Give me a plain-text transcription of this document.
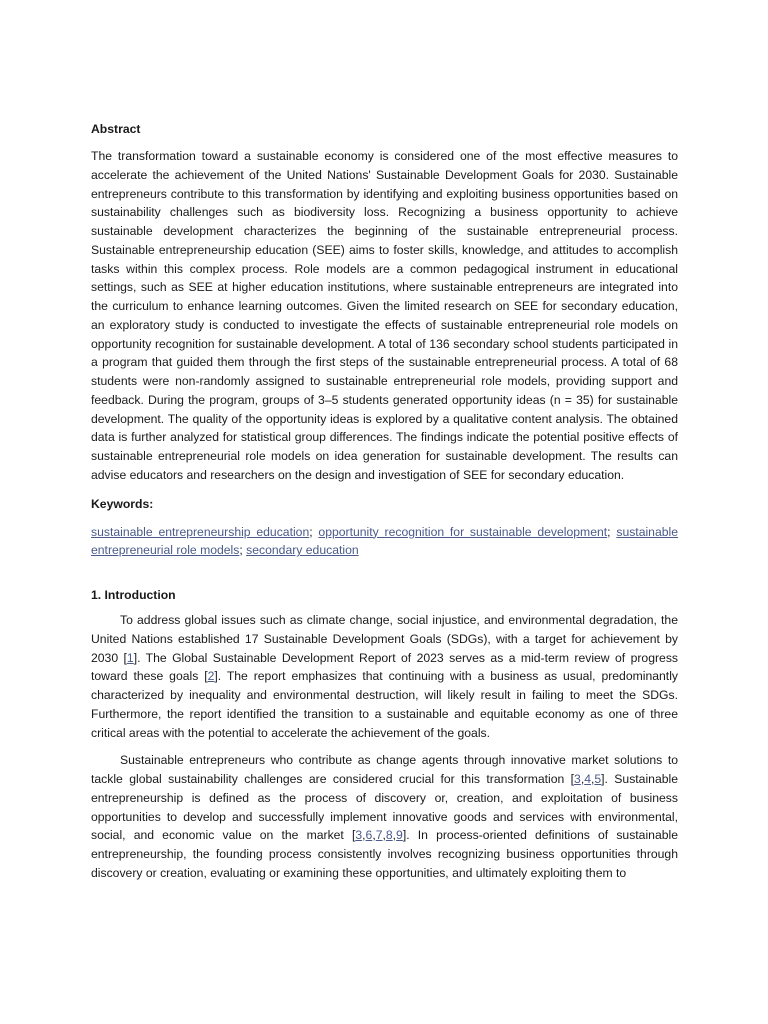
Abstract

The transformation toward a sustainable economy is considered one of the most effective measures to accelerate the achievement of the United Nations' Sustainable Development Goals for 2030. Sustainable entrepreneurs contribute to this transformation by identifying and exploiting business opportunities based on sustainability challenges such as biodiversity loss. Recognizing a business opportunity to achieve sustainable development characterizes the beginning of the sustainable entrepreneurial process. Sustainable entrepreneurship education (SEE) aims to foster skills, knowledge, and attitudes to accomplish tasks within this complex process. Role models are a common pedagogical instrument in educational settings, such as SEE at higher education institutions, where sustainable entrepreneurs are integrated into the curriculum to enhance learning outcomes. Given the limited research on SEE for secondary education, an exploratory study is conducted to investigate the effects of sustainable entrepreneurial role models on opportunity recognition for sustainable development. A total of 136 secondary school students participated in a program that guided them through the first steps of the sustainable entrepreneurial process. A total of 68 students were non-randomly assigned to sustainable entrepreneurial role models, providing support and feedback. During the program, groups of 3–5 students generated opportunity ideas (n = 35) for sustainable development. The quality of the opportunity ideas is explored by a qualitative content analysis. The obtained data is further analyzed for statistical group differences. The findings indicate the potential positive effects of sustainable entrepreneurial role models on idea generation for sustainable development. The results can advise educators and researchers on the design and investigation of SEE for secondary education.

Keywords:

sustainable entrepreneurship education; opportunity recognition for sustainable development; sustainable entrepreneurial role models; secondary education

1. Introduction

To address global issues such as climate change, social injustice, and environmental degradation, the United Nations established 17 Sustainable Development Goals (SDGs), with a target for achievement by 2030 [1]. The Global Sustainable Development Report of 2023 serves as a mid-term review of progress toward these goals [2]. The report emphasizes that continuing with a business as usual, predominantly characterized by inequality and environmental destruction, will likely result in failing to meet the SDGs. Furthermore, the report identified the transition to a sustainable and equitable economy as one of three critical areas with the potential to accelerate the achievement of the goals.

Sustainable entrepreneurs who contribute as change agents through innovative market solutions to tackle global sustainability challenges are considered crucial for this transformation [3,4,5]. Sustainable entrepreneurship is defined as the process of discovery or, creation, and exploitation of business opportunities to develop and successfully implement innovative goods and services with environmental, social, and economic value on the market [3,6,7,8,9]. In process-oriented definitions of sustainable entrepreneurship, the founding process consistently involves recognizing business opportunities through discovery or creation, evaluating or examining these opportunities, and ultimately exploiting them to
